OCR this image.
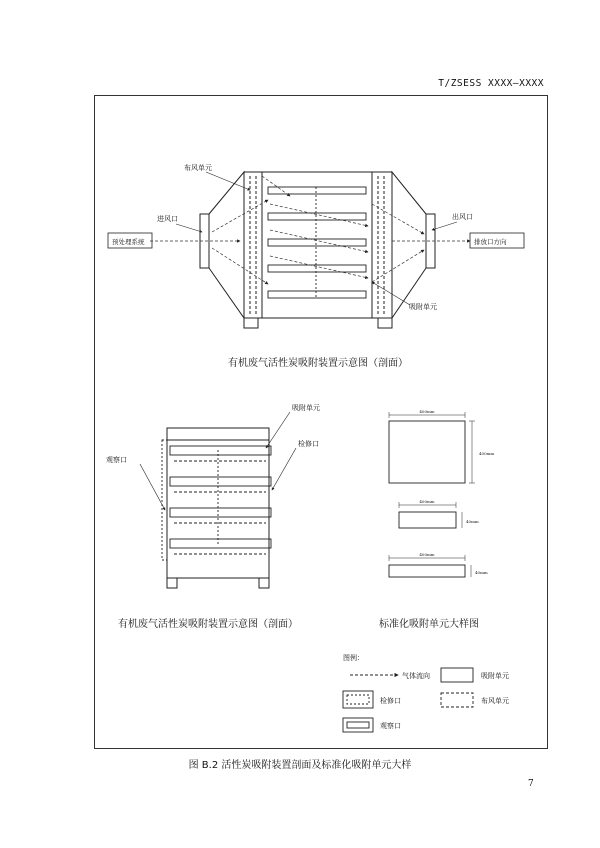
T/ZSESS XXXX—XXXX
布风单元
进风口	出风口
预处理系统	排放口方向
吸附单元
有机废气活性炭吸附装置示意图（剖面）
吸附单元
检修口
观察口
有机废气活性炭吸附装置示意图（剖面）
400mm
400mm
400mm
40mm
400mm
40mm
标准化吸附单元大样图
图例：
气体流向	吸附单元
检修口	布风单元
观察口
图 B.2 活性炭吸附装置剖面及标准化吸附单元大样
7
